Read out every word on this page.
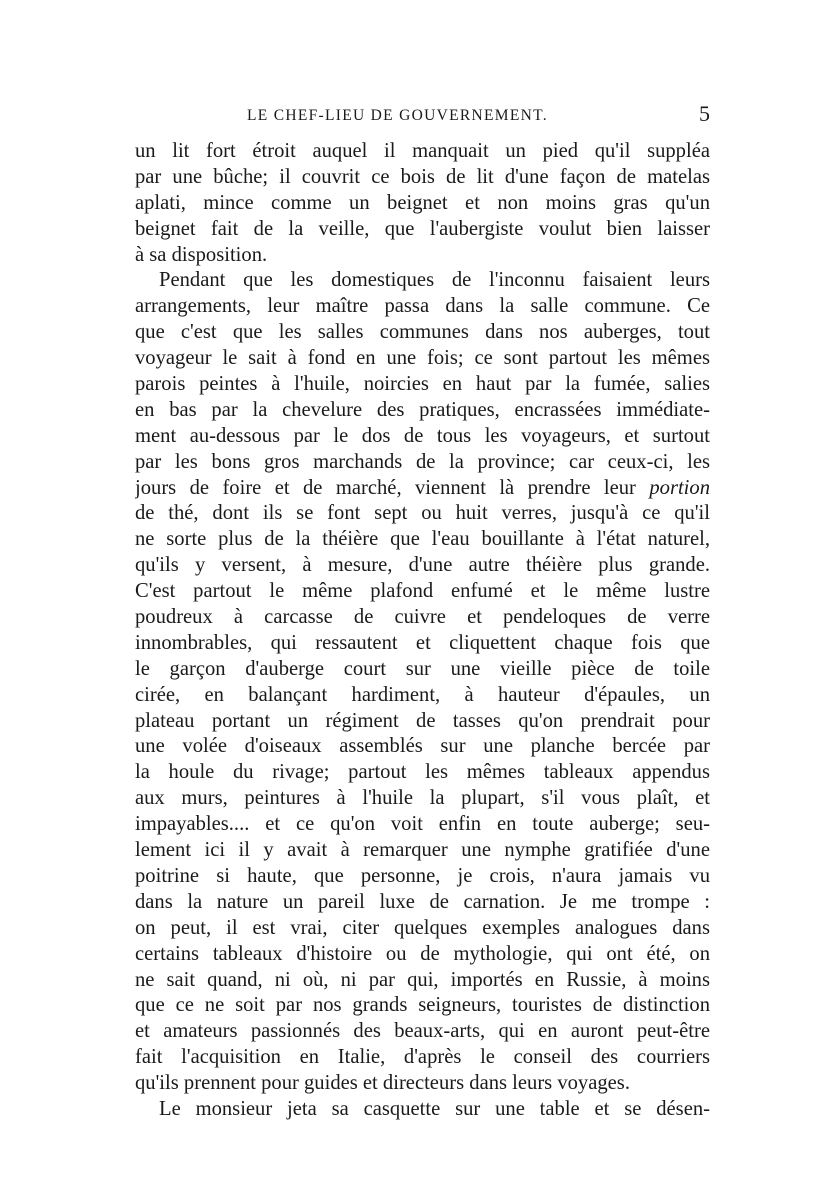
LE CHEF-LIEU DE GOUVERNEMENT.	5
un lit fort étroit auquel il manquait un pied qu'il suppléa
par une bûche; il couvrit ce bois de lit d'une façon de matelas
aplati, mince comme un beignet et non moins gras qu'un
beignet fait de la veille, que l'aubergiste voulut bien laisser
à sa disposition.
Pendant que les domestiques de l'inconnu faisaient leurs
arrangements, leur maître passa dans la salle commune. Ce
que c'est que les salles communes dans nos auberges, tout
voyageur le sait à fond en une fois; ce sont partout les mêmes
parois peintes à l'huile, noircies en haut par la fumée, salies
en bas par la chevelure des pratiques, encrassées immédiate-
ment au-dessous par le dos de tous les voyageurs, et surtout
par les bons gros marchands de la province; car ceux-ci, les
jours de foire et de marché, viennent là prendre leur portion
de thé, dont ils se font sept ou huit verres, jusqu'à ce qu'il
ne sorte plus de la théière que l'eau bouillante à l'état naturel,
qu'ils y versent, à mesure, d'une autre théière plus grande.
C'est partout le même plafond enfumé et le même lustre
poudreux à carcasse de cuivre et pendeloques de verre
innombrables, qui ressautent et cliquettent chaque fois que
le garçon d'auberge court sur une vieille pièce de toile
cirée, en balançant hardiment, à hauteur d'épaules, un
plateau portant un régiment de tasses qu'on prendrait pour
une volée d'oiseaux assemblés sur une planche bercée par
la houle du rivage; partout les mêmes tableaux appendus
aux murs, peintures à l'huile la plupart, s'il vous plaît, et
impayables.... et ce qu'on voit enfin en toute auberge; seu-
lement ici il y avait à remarquer une nymphe gratifiée d'une
poitrine si haute, que personne, je crois, n'aura jamais vu
dans la nature un pareil luxe de carnation. Je me trompe :
on peut, il est vrai, citer quelques exemples analogues dans
certains tableaux d'histoire ou de mythologie, qui ont été, on
ne sait quand, ni où, ni par qui, importés en Russie, à moins
que ce ne soit par nos grands seigneurs, touristes de distinction
et amateurs passionnés des beaux-arts, qui en auront peut-être
fait l'acquisition en Italie, d'après le conseil des courriers
qu'ils prennent pour guides et directeurs dans leurs voyages.
Le monsieur jeta sa casquette sur une table et se désen-
